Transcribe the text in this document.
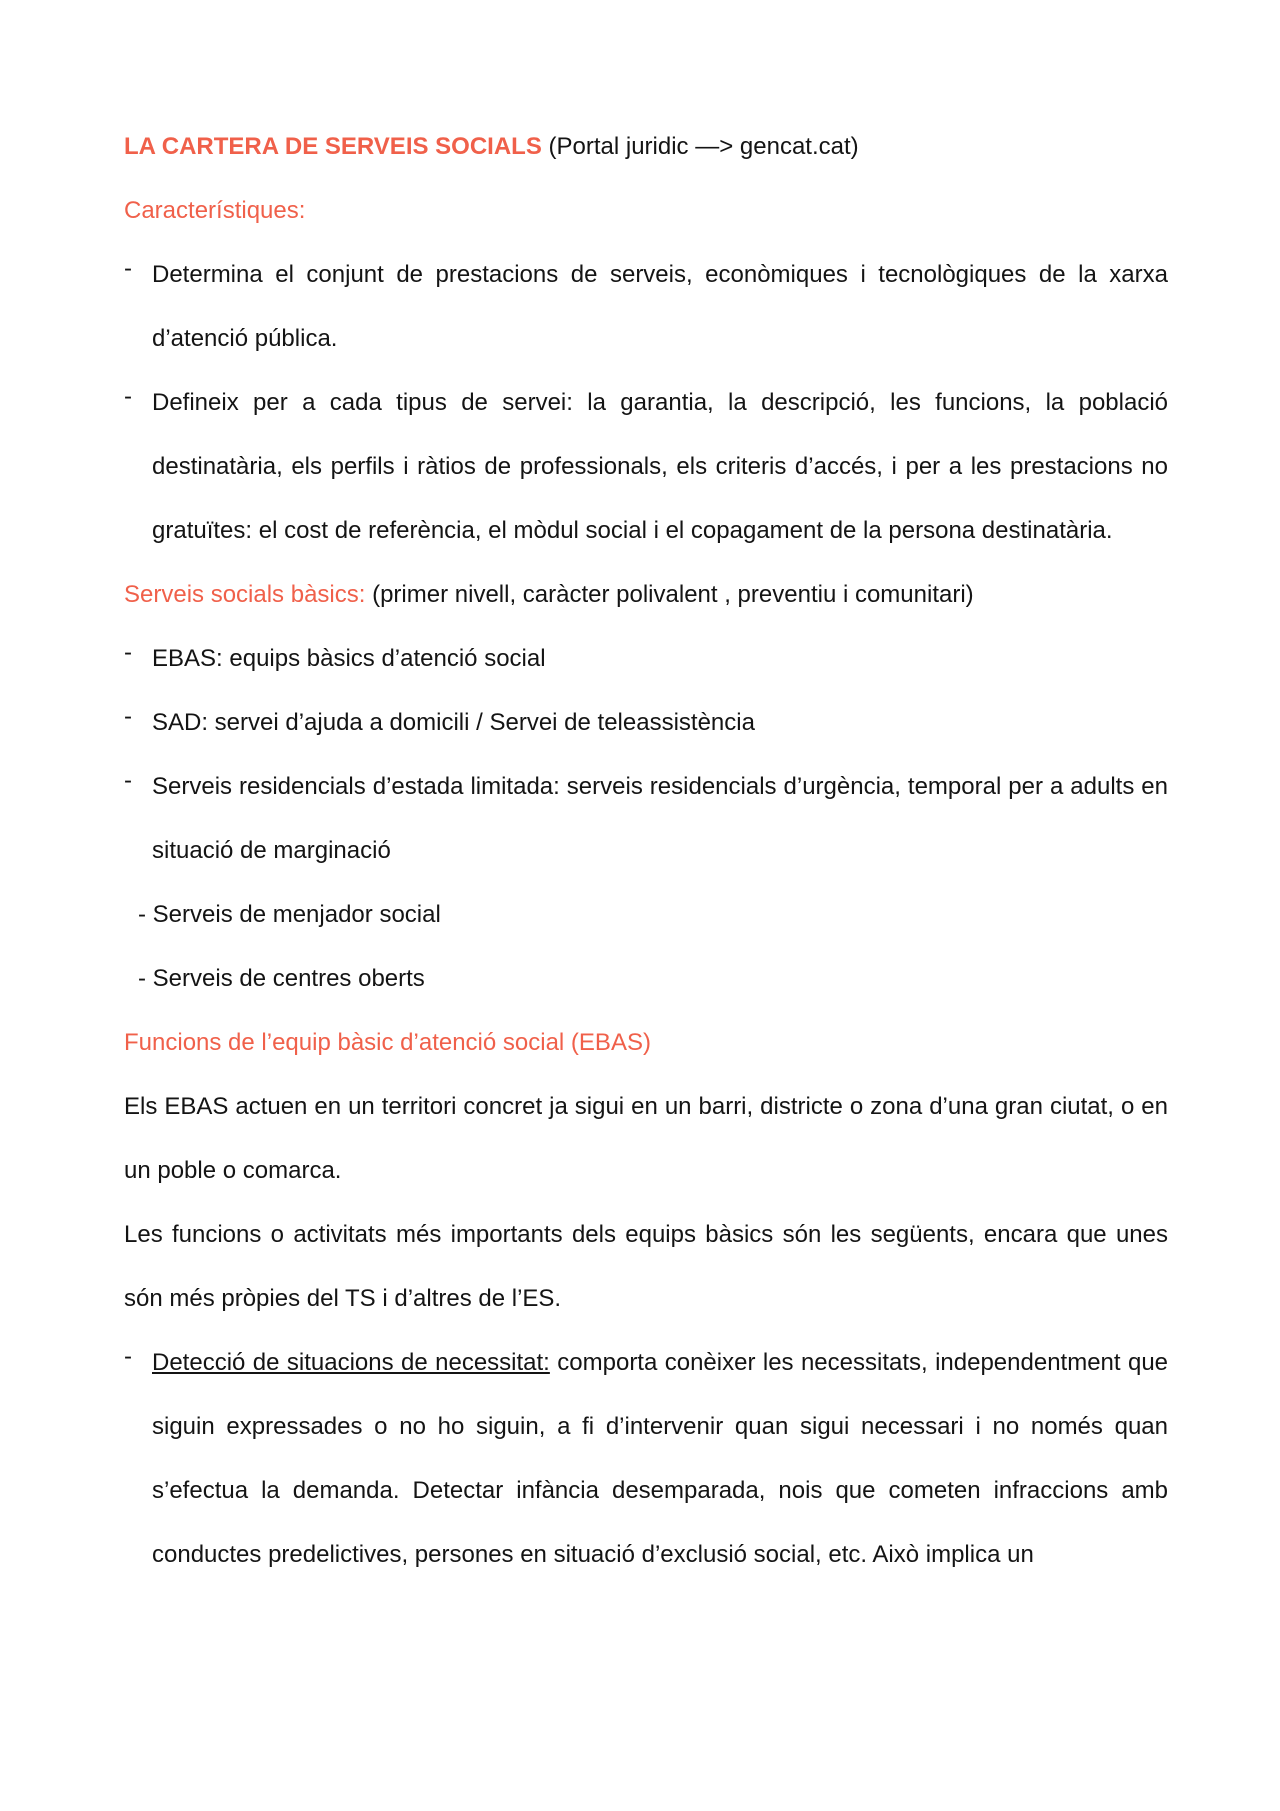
LA CARTERA DE SERVEIS SOCIALS (Portal juridic —> gencat.cat)

Característiques:

- Determina el conjunt de prestacions de serveis, econòmiques i tecnològiques de la xarxa d’atenció pública.

- Defineix per a cada tipus de servei: la garantia, la descripció, les funcions, la població destinatària, els perfils i ràtios de professionals, els criteris d’accés, i per a les prestacions no gratuïtes: el cost de referència, el mòdul social i el copagament de la persona destinatària.

Serveis socials bàsics: (primer nivell, caràcter polivalent , preventiu i comunitari)

- EBAS: equips bàsics d’atenció social

- SAD: servei d’ajuda a domicili / Servei de teleassistència

- Serveis residencials d’estada limitada: serveis residencials d’urgència, temporal per a adults en situació de marginació

- Serveis de menjador social

- Serveis de centres oberts

Funcions de l’equip bàsic d’atenció social (EBAS)

Els EBAS actuen en un territori concret ja sigui en un barri, districte o zona d’una gran ciutat, o en un poble o comarca.

Les funcions o activitats més importants dels equips bàsics són les següents, encara que unes són més pròpies del TS i d’altres de l’ES.

- Detecció de situacions de necessitat: comporta conèixer les necessitats, independentment que siguin expressades o no ho siguin, a fi d’intervenir quan sigui necessari i no només quan s’efectua la demanda. Detectar infància desemparada, nois que cometen infraccions amb conductes predelictives, persones en situació d’exclusió social, etc. Això implica un
